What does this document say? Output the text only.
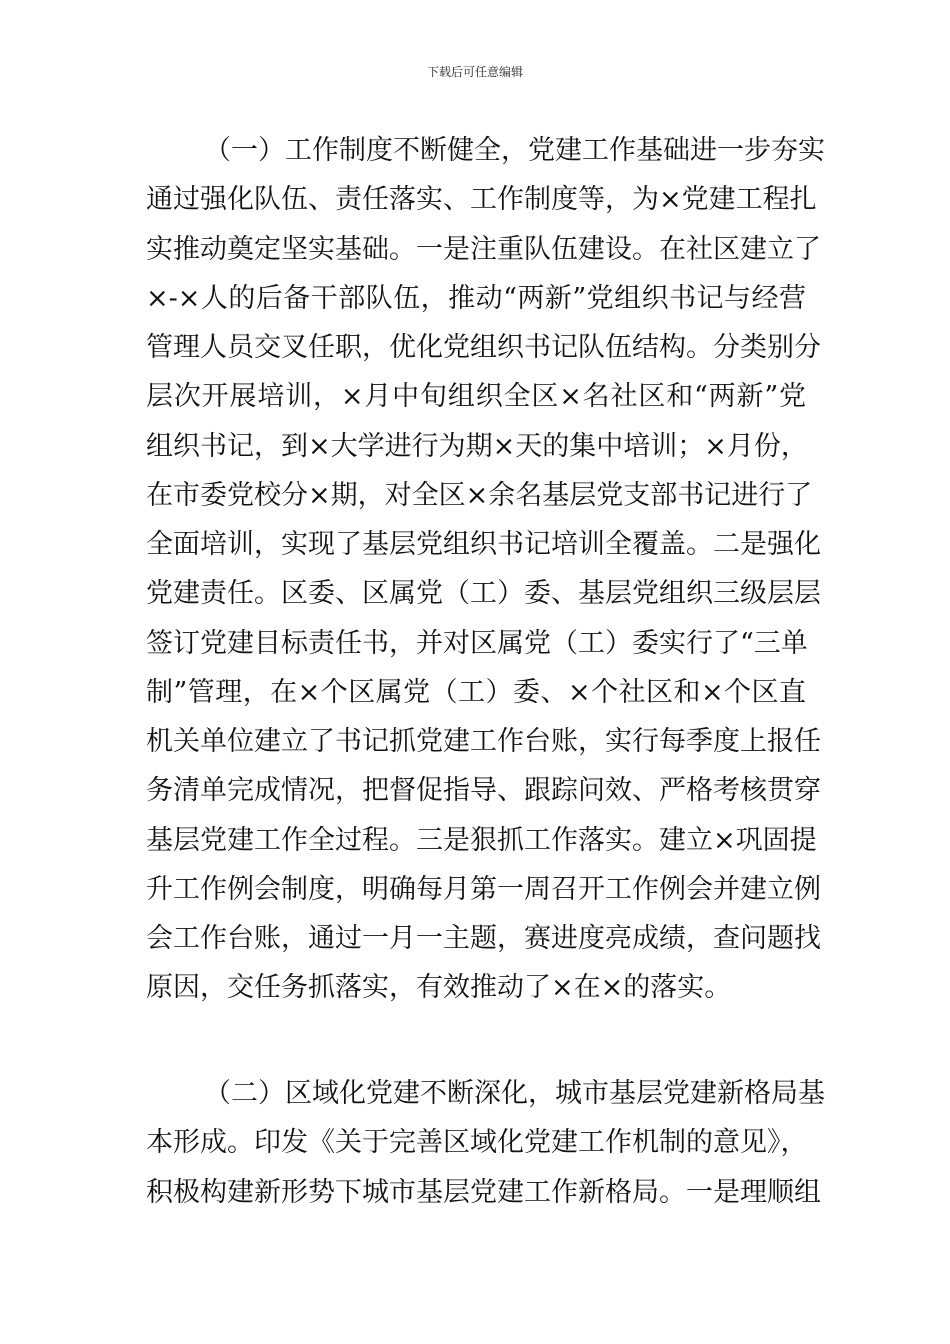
下载后可任意编辑
（一）工作制度不断健全，党建工作基础进一步夯实
通过强化队伍、责任落实、工作制度等，为×党建工程扎
实推动奠定坚实基础。一是注重队伍建设。在社区建立了
×-×人的后备干部队伍，推动“两新”党组织书记与经营
管理人员交叉任职，优化党组织书记队伍结构。分类别分
层次开展培训，×月中旬组织全区×名社区和“两新”党
组织书记，到×大学进行为期×天的集中培训；×月份，
在市委党校分×期，对全区×余名基层党支部书记进行了
全面培训，实现了基层党组织书记培训全覆盖。二是强化
党建责任。区委、区属党（工）委、基层党组织三级层层
签订党建目标责任书，并对区属党（工）委实行了“三单
制”管理，在×个区属党（工）委、×个社区和×个区直
机关单位建立了书记抓党建工作台账，实行每季度上报任
务清单完成情况，把督促指导、跟踪问效、严格考核贯穿
基层党建工作全过程。三是狠抓工作落实。建立×巩固提
升工作例会制度，明确每月第一周召开工作例会并建立例
会工作台账，通过一月一主题，赛进度亮成绩，查问题找
原因，交任务抓落实，有效推动了×在×的落实。
（二）区域化党建不断深化，城市基层党建新格局基
本形成。印发《关于完善区域化党建工作机制的意见》，
积极构建新形势下城市基层党建工作新格局。一是理顺组
